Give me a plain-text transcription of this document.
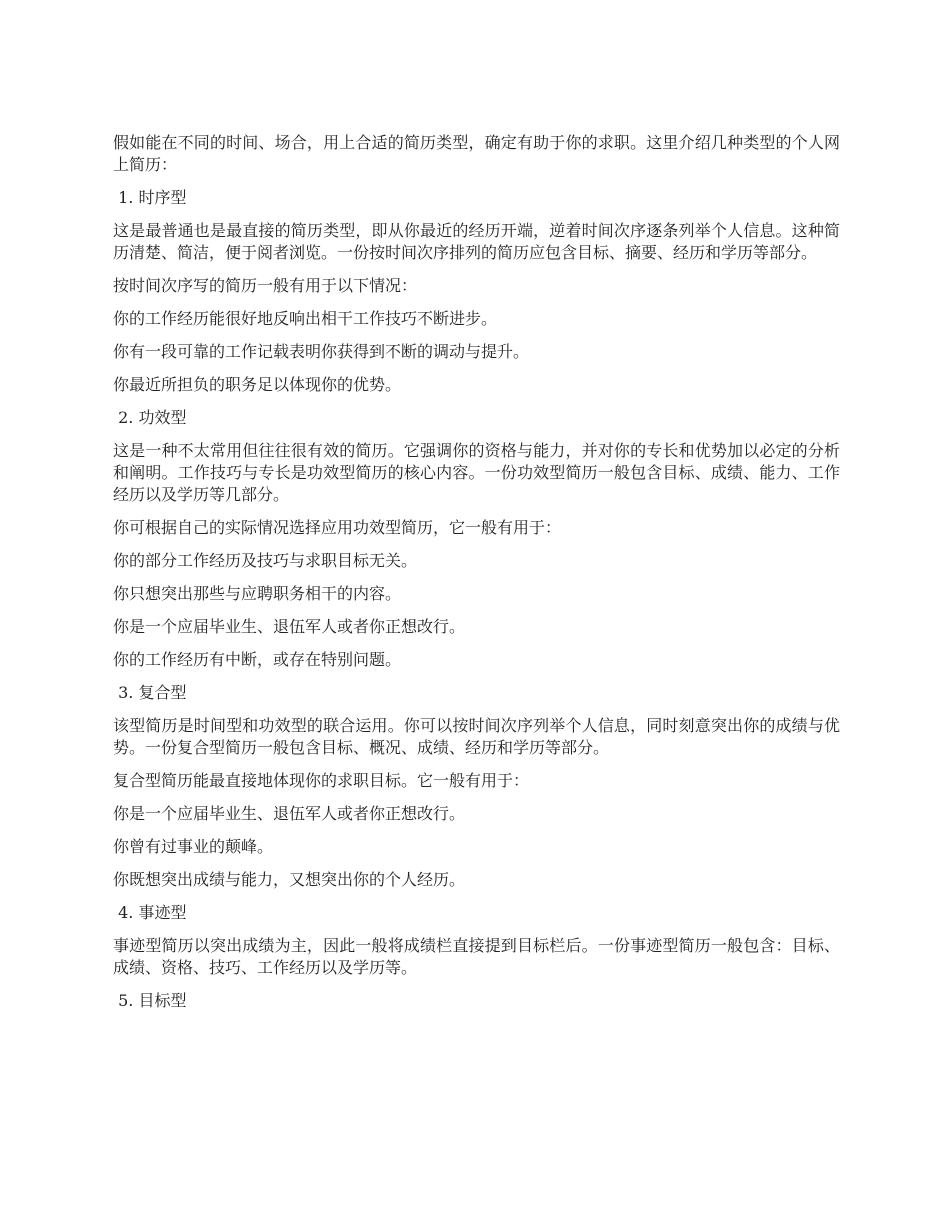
假如能在不同的时间、场合，用上合适的简历类型，确定有助于你的求职。这里介绍几种类型的个人网上简历：

1. 时序型

这是最普通也是最直接的简历类型，即从你最近的经历开端，逆着时间次序逐条列举个人信息。这种简历清楚、简洁，便于阅者浏览。一份按时间次序排列的简历应包含目标、摘要、经历和学历等部分。

按时间次序写的简历一般有用于以下情况：

你的工作经历能很好地反响出相干工作技巧不断进步。

你有一段可靠的工作记载表明你获得到不断的调动与提升。

你最近所担负的职务足以体现你的优势。

2. 功效型

这是一种不太常用但往往很有效的简历。它强调你的资格与能力，并对你的专长和优势加以必定的分析和阐明。工作技巧与专长是功效型简历的核心内容。一份功效型简历一般包含目标、成绩、能力、工作经历以及学历等几部分。

你可根据自己的实际情况选择应用功效型简历，它一般有用于：

你的部分工作经历及技巧与求职目标无关。

你只想突出那些与应聘职务相干的内容。

你是一个应届毕业生、退伍军人或者你正想改行。

你的工作经历有中断，或存在特别问题。

3. 复合型

该型简历是时间型和功效型的联合运用。你可以按时间次序列举个人信息，同时刻意突出你的成绩与优势。一份复合型简历一般包含目标、概况、成绩、经历和学历等部分。

复合型简历能最直接地体现你的求职目标。它一般有用于：

你是一个应届毕业生、退伍军人或者你正想改行。

你曾有过事业的颠峰。

你既想突出成绩与能力，又想突出你的个人经历。

4. 事迹型

事迹型简历以突出成绩为主，因此一般将成绩栏直接提到目标栏后。一份事迹型简历一般包含：目标、成绩、资格、技巧、工作经历以及学历等。

5. 目标型
